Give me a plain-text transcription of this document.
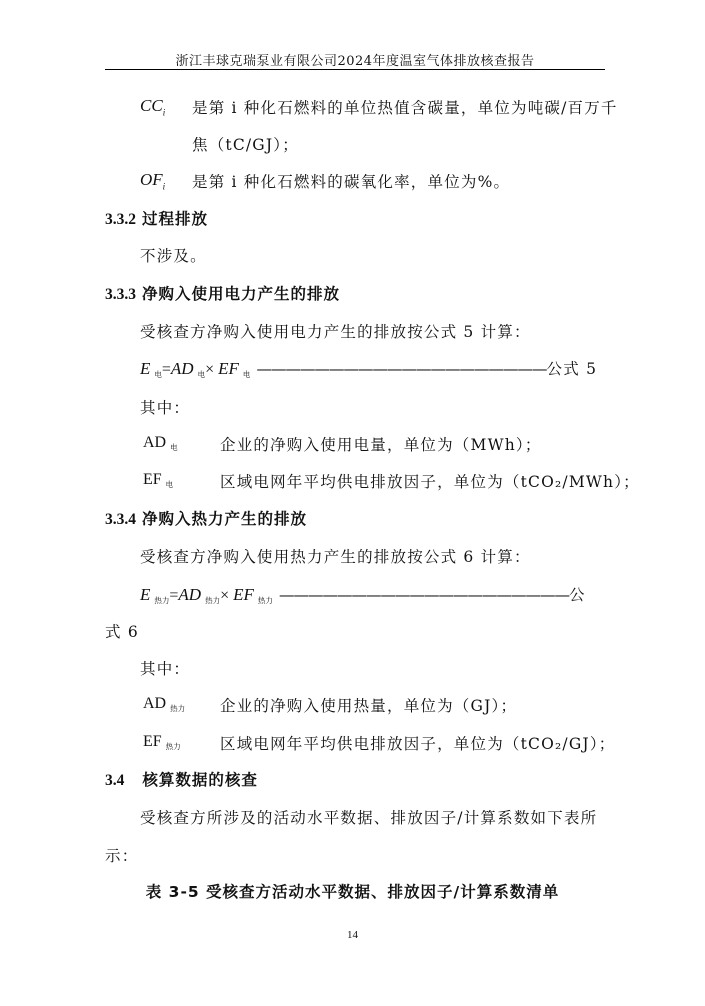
浙江丰球克瑞泵业有限公司2024年度温室气体排放核查报告
$CC_i$ 是第 i 种化石燃料的单位热值含碳量，单位为吨碳/百万千
焦（tC/GJ）；
$OF_i$ 是第 i 种化石燃料的碳氧化率，单位为%。
3.3.2 过程排放
不涉及。
3.3.3 净购入使用电力产生的排放
受核查方净购入使用电力产生的排放按公式 5 计算：
E电=AD 电× EF 电 ————————————————————公式 5
其中：
AD 电	企业的净购入使用电量，单位为（MWh）；
EF 电	区域电网年平均供电排放因子，单位为（tCO₂/MWh）；
3.3.4 净购入热力产生的排放
受核查方净购入使用热力产生的排放按公式 6 计算：
E热力=AD 热力× EF 热力 ————————————————————公
式 6
其中：
AD 热力 企业的净购入使用热量，单位为（GJ）；
EF 热力	区域电网年平均供电排放因子，单位为（tCO₂/GJ）；
3.4 核算数据的核查
受核查方所涉及的活动水平数据、排放因子/计算系数如下表所
示：
表 3-5 受核查方活动水平数据、排放因子/计算系数清单
14
